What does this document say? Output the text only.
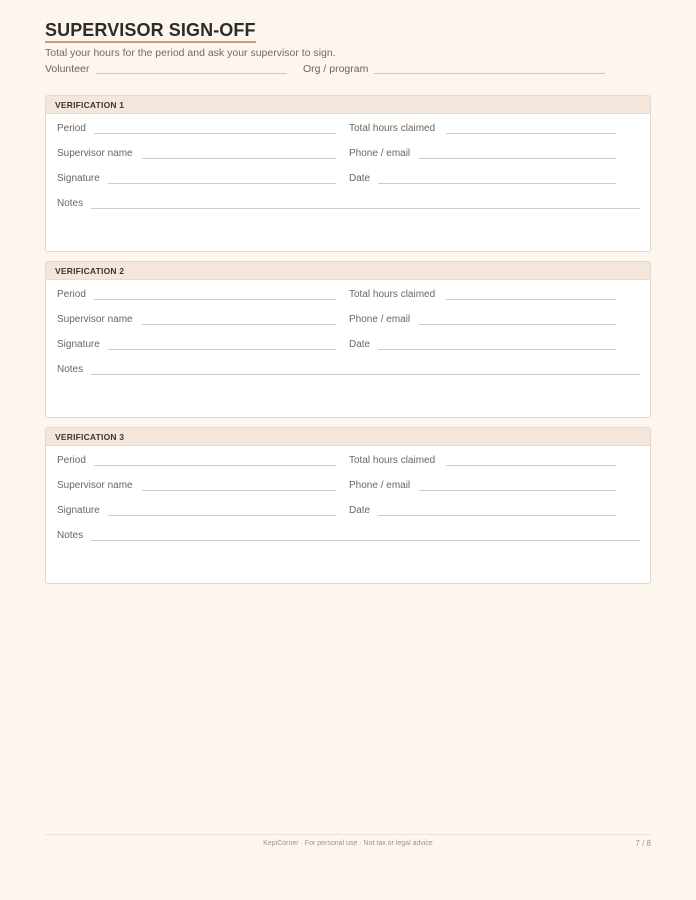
SUPERVISOR SIGN-OFF
Total your hours for the period and ask your supervisor to sign.
Volunteer	Org / program
VERIFICATION 1
Period	Total hours claimed
Supervisor name	Phone / email
Signature	Date
Notes
VERIFICATION 2
Period	Total hours claimed
Supervisor name	Phone / email
Signature	Date
Notes
VERIFICATION 3
Period	Total hours claimed
Supervisor name	Phone / email
Signature	Date
Notes
KepiCorner · For personal use · Not tax or legal advice	7 / 8
